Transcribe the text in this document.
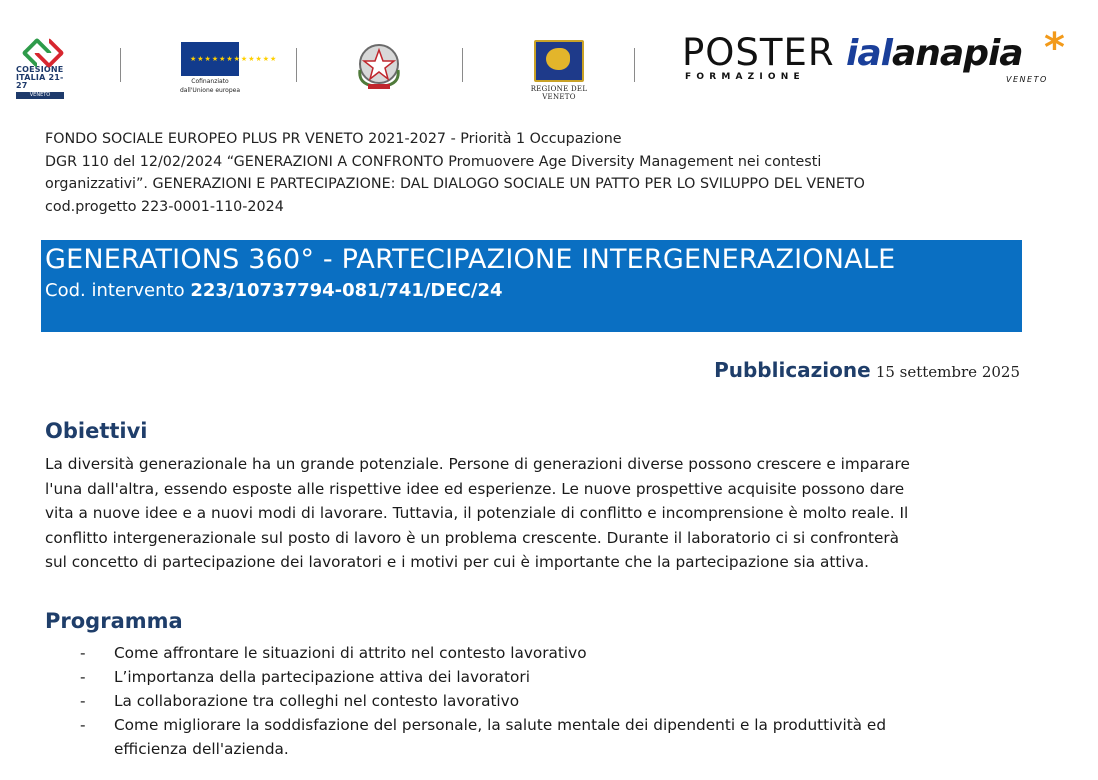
COESIONE
ITALIA 21-27
VENETO
★★★★★★★★★★★★
Cofinanziato
dall'Unione europea	REGIONE DEL VENETO
POSTER
FORMAZIONE
ialanapia *
VENETO
FONDO SOCIALE EUROPEO PLUS PR VENETO 2021-2027 - Priorità 1 Occupazione
DGR 110 del 12/02/2024 “GENERAZIONI A CONFRONTO Promuovere Age Diversity Management nei contesti
organizzativi”. GENERAZIONI E PARTECIPAZIONE: DAL DIALOGO SOCIALE UN PATTO PER LO SVILUPPO DEL VENETO
cod.progetto 223-0001-110-2024
GENERATIONS 360° - PARTECIPAZIONE INTERGENERAZIONALE
Cod. intervento 223/10737794-081/741/DEC/24
Pubblicazione 15 settembre 2025
Obiettivi
La diversità generazionale ha un grande potenziale. Persone di generazioni diverse possono crescere e imparare
l'una dall'altra, essendo esposte alle rispettive idee ed esperienze. Le nuove prospettive acquisite possono dare
vita a nuove idee e a nuovi modi di lavorare. Tuttavia, il potenziale di conflitto e incomprensione è molto reale. Il
conflitto intergenerazionale sul posto di lavoro è un problema crescente. Durante il laboratorio ci si confronterà
sul concetto di partecipazione dei lavoratori e i motivi per cui è importante che la partecipazione sia attiva.
Programma
- Come affrontare le situazioni di attrito nel contesto lavorativo
- L’importanza della partecipazione attiva dei lavoratori
- La collaborazione tra colleghi nel contesto lavorativo
- Come migliorare la soddisfazione del personale, la salute mentale dei dipendenti e la produttività ed
efficienza dell'azienda.
